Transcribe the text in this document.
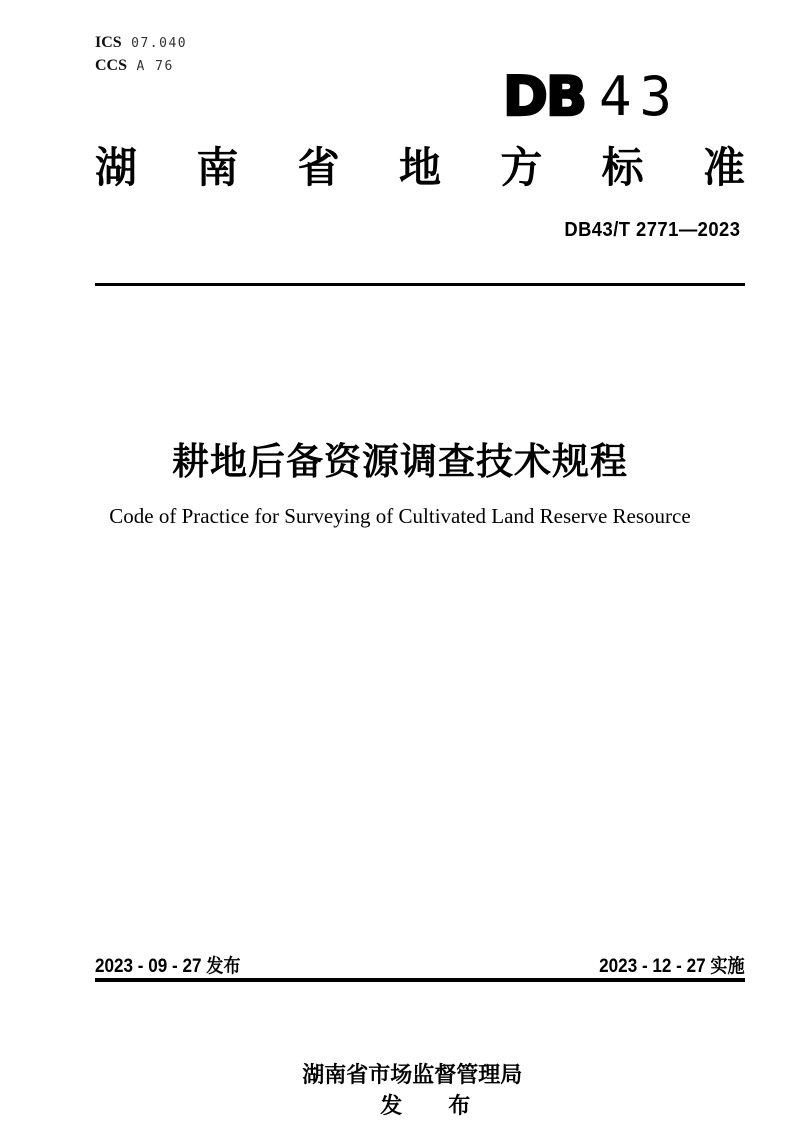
ICS 07.040
CCS A 76	DB 43
湖 南 省 地 方 标 准
DB43/T 2771—2023
耕地后备资源调查技术规程
Code of Practice for Surveying of Cultivated Land Reserve Resource
2023 - 09 - 27 发布	2023 - 12 - 27 实施

湖南省市场监督管理局
发　布
